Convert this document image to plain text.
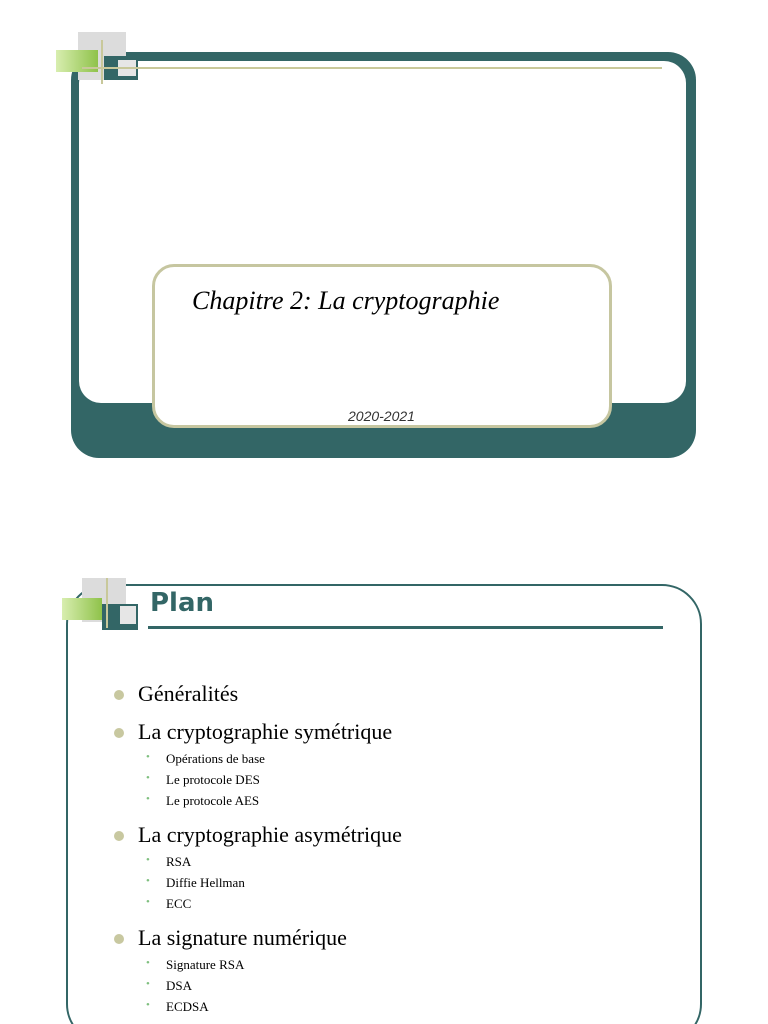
Chapitre 2: La cryptographie
2020-2021
Plan
Généralités
La cryptographie symétrique
• Opérations de base
• Le protocole DES
• Le protocole AES
La cryptographie asymétrique
• RSA
• Diffie Hellman
• ECC
La signature numérique
• Signature RSA
• DSA
• ECDSA
